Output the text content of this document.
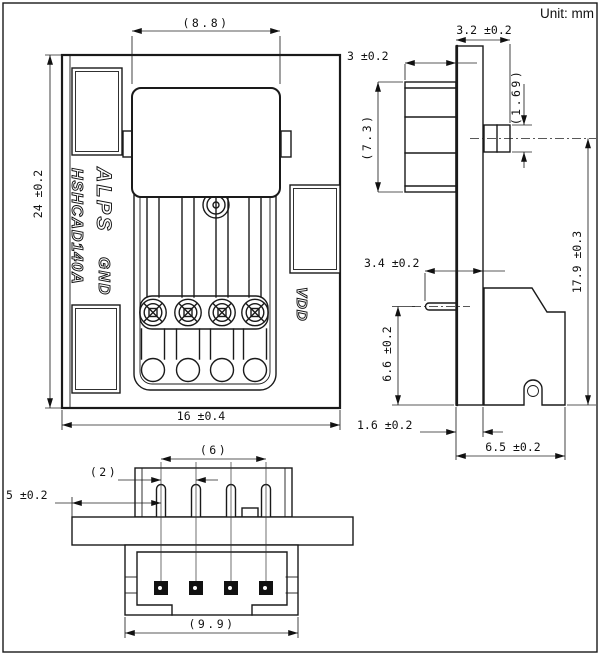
Unit: mm
HSHCAD140A ALPS
GND
VDD
(8.8)
24 ±0.2
16 ±0.4
3.2 ±0.2
3 ±0.2
(7.3)
(1.69)
17.9 ±0.3
3.4 ±0.2
6.6 ±0.2
1.6 ±0.2
6.5 ±0.2
(6)
(2)
5 ±0.2
(9.9)
